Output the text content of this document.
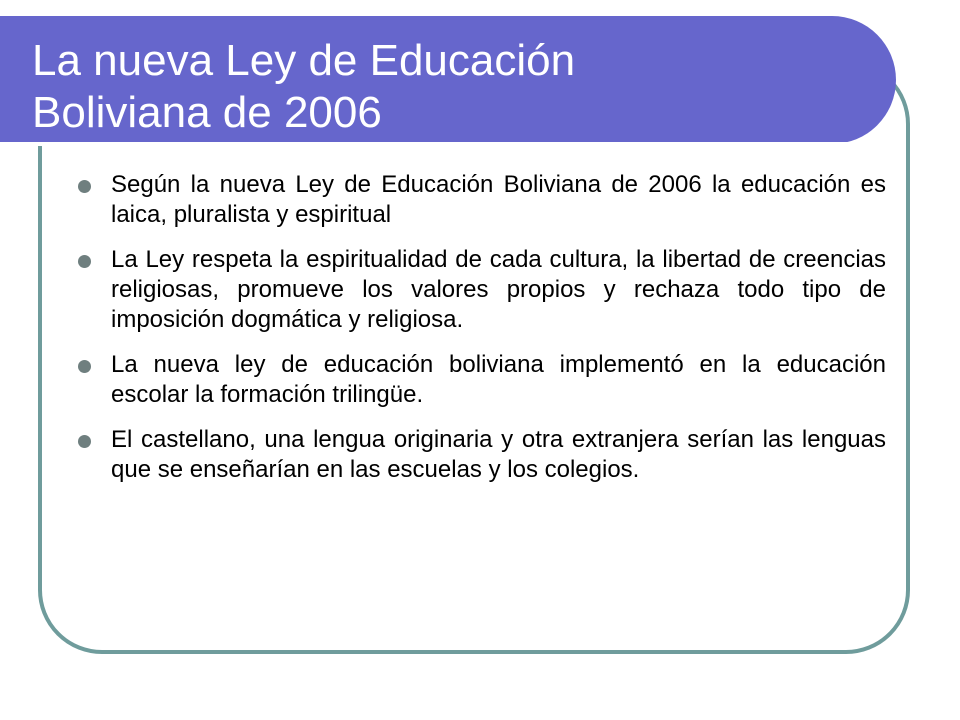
La nueva Ley de Educación
Boliviana de 2006
Según la nueva Ley de Educación Boliviana de 2006 la educación es laica, pluralista y espiritual
La Ley respeta la espiritualidad de cada cultura, la libertad de creencias religiosas, promueve los valores propios y rechaza todo tipo de imposición dogmática y religiosa.
La nueva ley de educación boliviana implementó en la educación escolar la formación trilingüe.
El castellano, una lengua originaria y otra extranjera serían las lenguas que se enseñarían en las escuelas y los colegios.
